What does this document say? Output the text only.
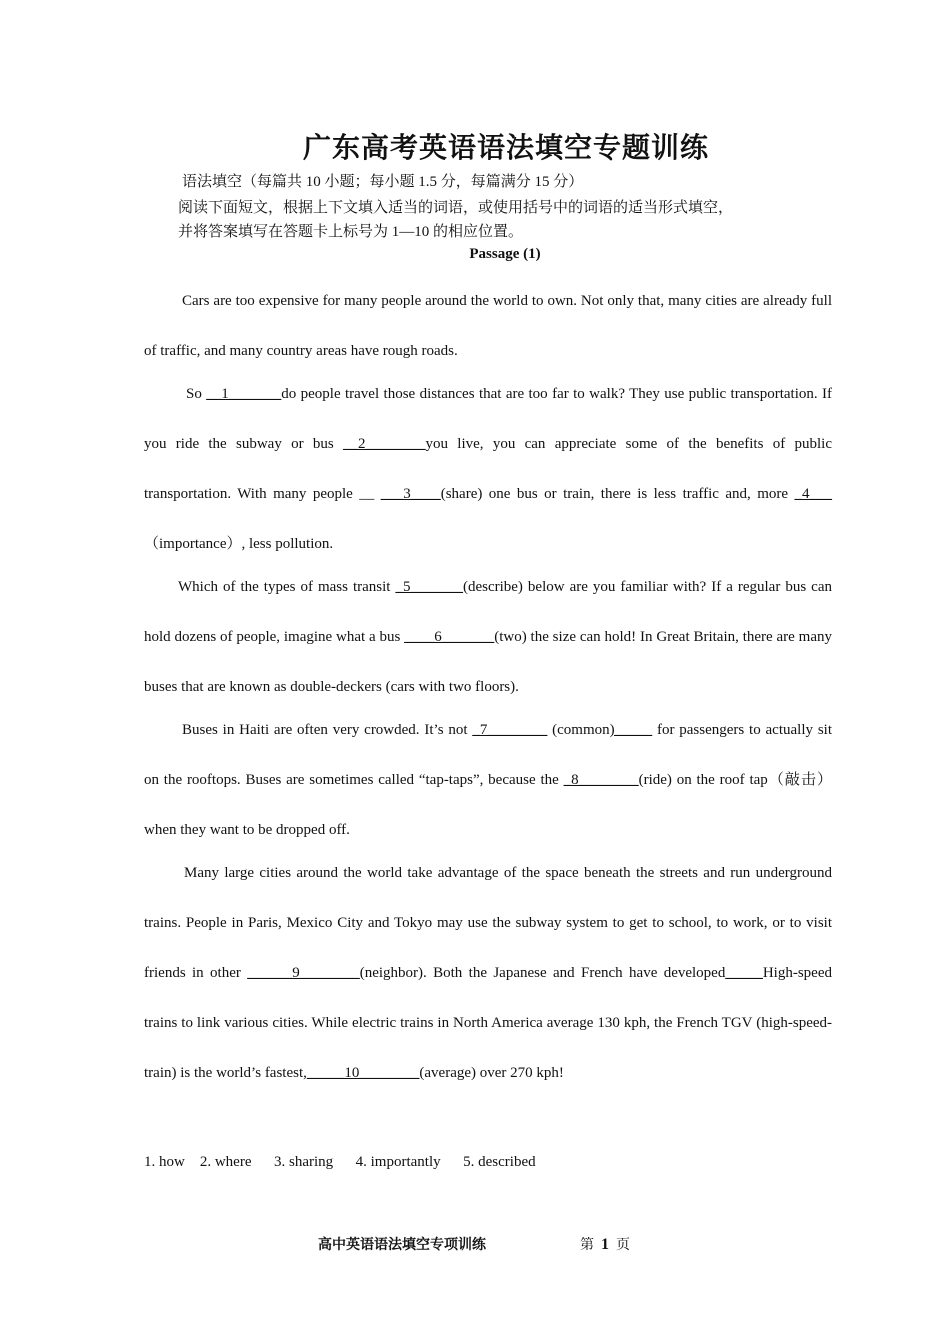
广东高考英语语法填空专题训练
语法填空（每篇共 10 小题；每小题 1.5 分，每篇满分 15 分）
阅读下面短文，根据上下文填入适当的词语，或使用括号中的词语的适当形式填空，
并将答案填写在答题卡上标号为 1—10 的相应位置。
Passage (1)

Cars are too expensive for many people around the world to own. Not only that, many cities are already full of traffic, and many country areas have rough roads.

So __1_______do people travel those distances that are too far to walk? They use public transportation. If you ride the subway or bus __2________you live, you can appreciate some of the benefits of public transportation. With many people __ ___3____(share) one bus or train, there is less traffic and, more _4___（importance）, less pollution.

Which of the types of mass transit _5_______(describe) below are you familiar with? If a regular bus can hold dozens of people, imagine what a bus ____6_______(two) the size can hold! In Great Britain, there are many buses that are known as double-deckers (cars with two floors).

Buses in Haiti are often very crowded. It’s not _7________ (common)_____ for passengers to actually sit on the rooftops. Buses are sometimes called “tap-taps”, because the _8________(ride) on the roof tap（敲击）when they want to be dropped off.

Many large cities around the world take advantage of the space beneath the streets and run underground trains. People in Paris, Mexico City and Tokyo may use the subway system to get to school, to work, or to visit friends in other ______9________(neighbor). Both the Japanese and French have developed_____High-speed trains to link various cities. While electric trains in North America average 130 kph, the French TGV (high-speed-train) is the world’s fastest,_____10________(average) over 270 kph!

1. how    2. where      3. sharing      4. importantly      5. described
高中英语语法填空专项训练	第 1 页
